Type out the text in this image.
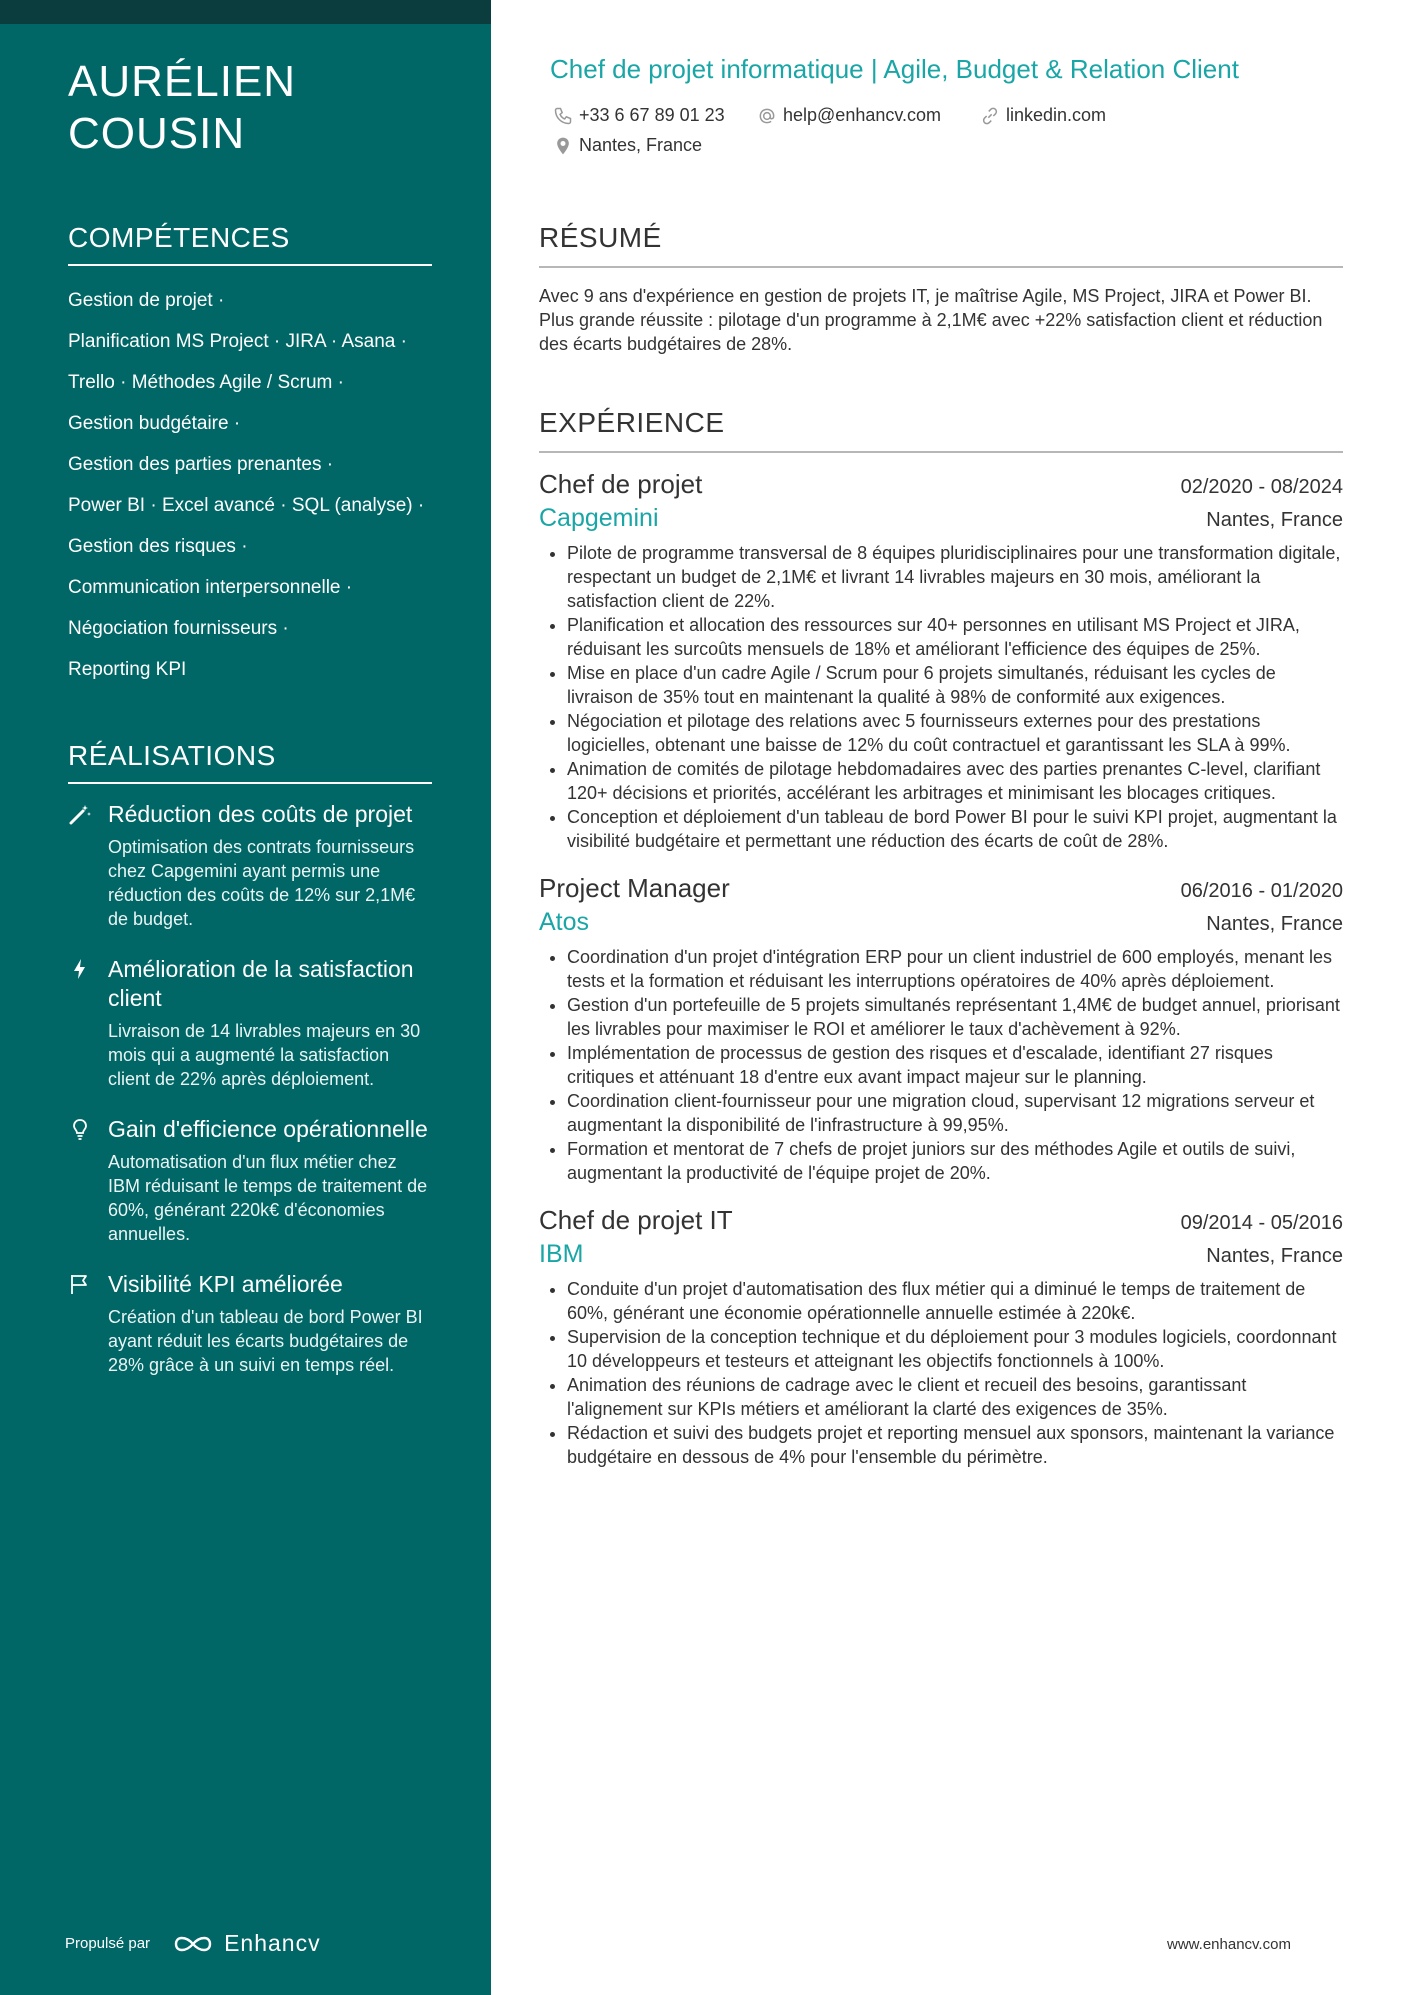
AURÉLIEN
COUSIN
COMPÉTENCES
Gestion de projet ·
Planification MS Project · JIRA · Asana ·
Trello · Méthodes Agile / Scrum ·
Gestion budgétaire ·
Gestion des parties prenantes ·
Power BI · Excel avancé · SQL (analyse) ·
Gestion des risques ·
Communication interpersonnelle ·
Négociation fournisseurs ·
Reporting KPI
RÉALISATIONS
Réduction des coûts de projet
Optimisation des contrats fournisseurs chez Capgemini ayant permis une réduction des coûts de 12% sur 2,1M€ de budget.
Amélioration de la satisfaction client
Livraison de 14 livrables majeurs en 30 mois qui a augmenté la satisfaction client de 22% après déploiement.
Gain d'efficience opérationnelle
Automatisation d'un flux métier chez IBM réduisant le temps de traitement de 60%, générant 220k€ d'économies annuelles.
Visibilité KPI améliorée
Création d'un tableau de bord Power BI ayant réduit les écarts budgétaires de 28% grâce à un suivi en temps réel.
Propulsé par	Enhancv
Chef de projet informatique | Agile, Budget & Relation Client
+33 6 67 89 01 23	help@enhancv.com	linkedin.com
Nantes, France
RÉSUMÉ
Avec 9 ans d'expérience en gestion de projets IT, je maîtrise Agile, MS Project, JIRA et Power BI. Plus grande réussite : pilotage d'un programme à 2,1M€ avec +22% satisfaction client et réduction des écarts budgétaires de 28%.
EXPÉRIENCE
Chef de projet	02/2020 - 08/2024
Capgemini	Nantes, France
• Pilote de programme transversal de 8 équipes pluridisciplinaires pour une transformation digitale, respectant un budget de 2,1M€ et livrant 14 livrables majeurs en 30 mois, améliorant la satisfaction client de 22%.
• Planification et allocation des ressources sur 40+ personnes en utilisant MS Project et JIRA, réduisant les surcoûts mensuels de 18% et améliorant l'efficience des équipes de 25%.
• Mise en place d'un cadre Agile / Scrum pour 6 projets simultanés, réduisant les cycles de livraison de 35% tout en maintenant la qualité à 98% de conformité aux exigences.
• Négociation et pilotage des relations avec 5 fournisseurs externes pour des prestations logicielles, obtenant une baisse de 12% du coût contractuel et garantissant les SLA à 99%.
• Animation de comités de pilotage hebdomadaires avec des parties prenantes C-level, clarifiant 120+ décisions et priorités, accélérant les arbitrages et minimisant les blocages critiques.
• Conception et déploiement d'un tableau de bord Power BI pour le suivi KPI projet, augmentant la visibilité budgétaire et permettant une réduction des écarts de coût de 28%.
Project Manager	06/2016 - 01/2020
Atos	Nantes, France
• Coordination d'un projet d'intégration ERP pour un client industriel de 600 employés, menant les tests et la formation et réduisant les interruptions opératoires de 40% après déploiement.
• Gestion d'un portefeuille de 5 projets simultanés représentant 1,4M€ de budget annuel, priorisant les livrables pour maximiser le ROI et améliorer le taux d'achèvement à 92%.
• Implémentation de processus de gestion des risques et d'escalade, identifiant 27 risques critiques et atténuant 18 d'entre eux avant impact majeur sur le planning.
• Coordination client-fournisseur pour une migration cloud, supervisant 12 migrations serveur et augmentant la disponibilité de l'infrastructure à 99,95%.
• Formation et mentorat de 7 chefs de projet juniors sur des méthodes Agile et outils de suivi, augmentant la productivité de l'équipe projet de 20%.
Chef de projet IT	09/2014 - 05/2016
IBM	Nantes, France
• Conduite d'un projet d'automatisation des flux métier qui a diminué le temps de traitement de 60%, générant une économie opérationnelle annuelle estimée à 220k€.
• Supervision de la conception technique et du déploiement pour 3 modules logiciels, coordonnant 10 développeurs et testeurs et atteignant les objectifs fonctionnels à 100%.
• Animation des réunions de cadrage avec le client et recueil des besoins, garantissant l'alignement sur KPIs métiers et améliorant la clarté des exigences de 35%.
• Rédaction et suivi des budgets projet et reporting mensuel aux sponsors, maintenant la variance budgétaire en dessous de 4% pour l'ensemble du périmètre.
www.enhancv.com
